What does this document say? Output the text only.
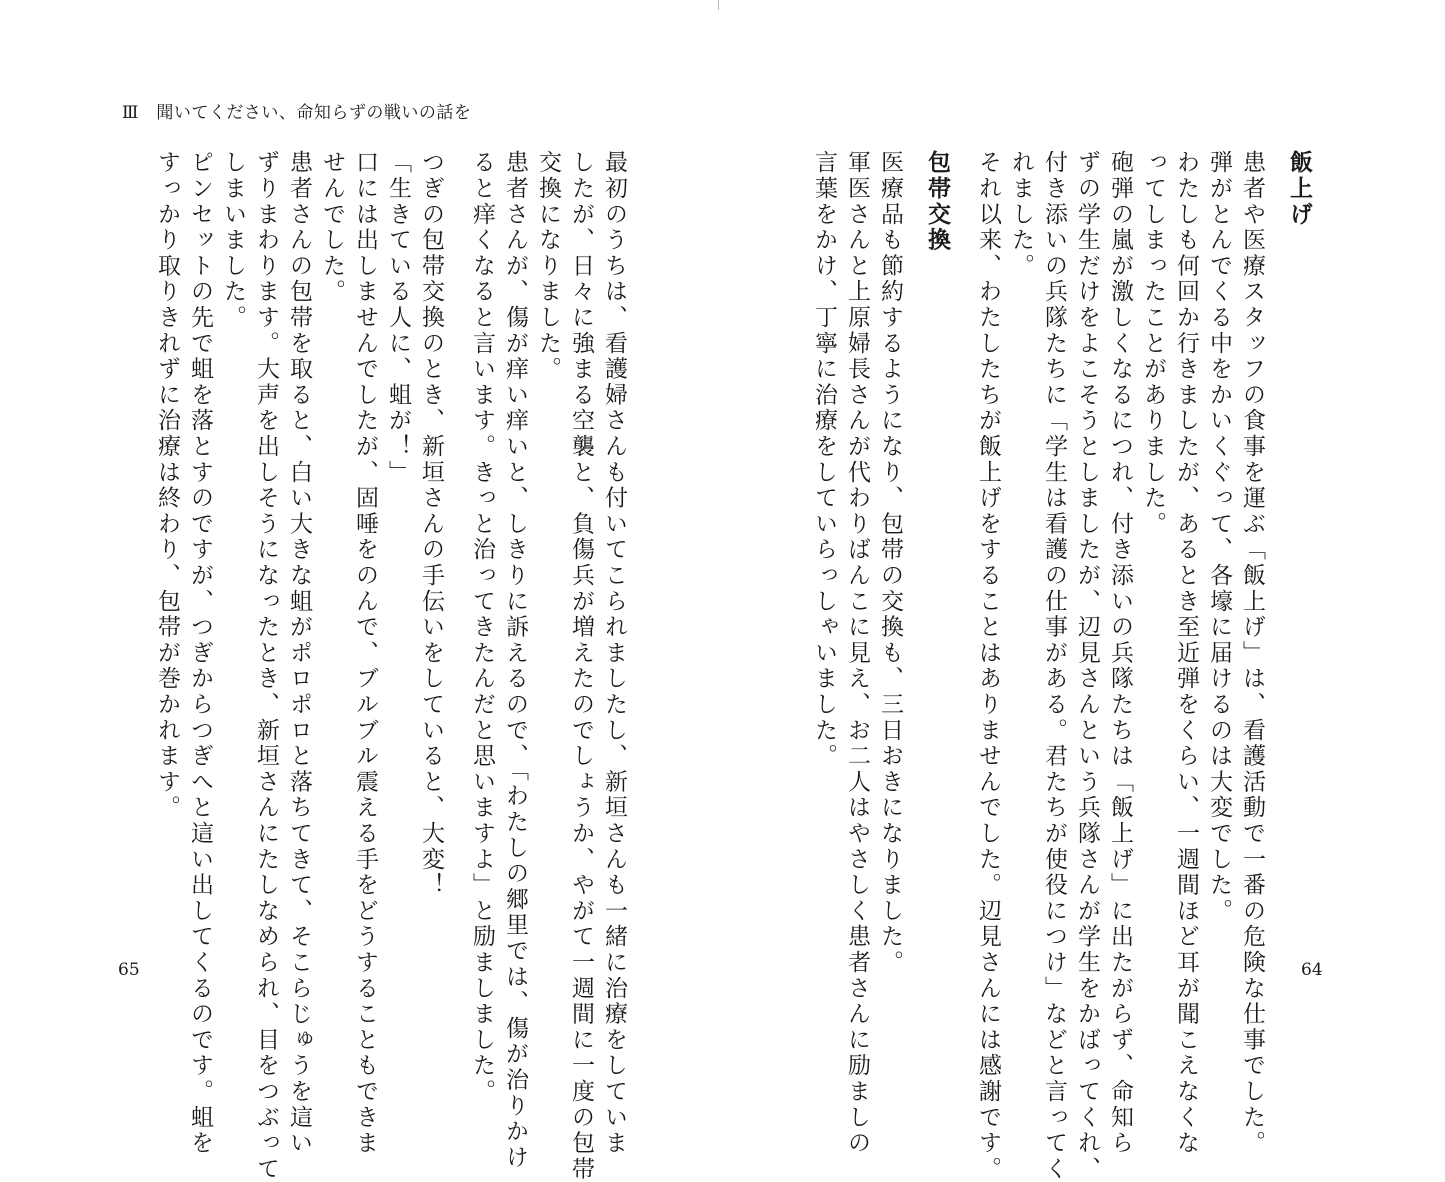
Ⅲ　聞いてください、命知らずの戦いの話を
飯上げ
患者や医療スタッフの食事を運ぶ「飯上げ」は、看護活動で一番の危険な仕事でした。
弾がとんでくる中をかいくぐって、各壕に届けるのは大変でした。
わたしも何回か行きましたが、あるとき至近弾をくらい、一週間ほど耳が聞こえなくな
ってしまったことがありました。
砲弾の嵐が激しくなるにつれ、付き添いの兵隊たちは「飯上げ」に出たがらず、命知ら
ずの学生だけをよこそうとしましたが、辺見さんという兵隊さんが学生をかばってくれ、
付き添いの兵隊たちに「学生は看護の仕事がある。君たちが使役につけ」などと言ってく
れました。
それ以来、わたしたちが飯上げをすることはありませんでした。辺見さんには感謝です。
包帯交換
医療品も節約するようになり、包帯の交換も、三日おきになりました。
軍医さんと上原婦長さんが代わりばんこに見え、お二人はやさしく患者さんに励ましの
言葉をかけ、丁寧に治療をしていらっしゃいました。
最初のうちは、看護婦さんも付いてこられましたし、新垣さんも一緒に治療をしていま
したが、日々に強まる空襲と、負傷兵が増えたのでしょうか、やがて一週間に一度の包帯
交換になりました。
患者さんが、傷が痒い痒いと、しきりに訴えるので、「わたしの郷里では、傷が治りかけ
ると痒くなると言います。きっと治ってきたんだと思いますよ」と励ましました。
つぎの包帯交換のとき、新垣さんの手伝いをしていると、大変！
「生きている人に、蛆が！」
口には出しませんでしたが、固唾をのんで、ブルブル震える手をどうすることもできま
せんでした。
患者さんの包帯を取ると、白い大きな蛆がポロポロと落ちてきて、そこらじゅうを這い
ずりまわります。大声を出しそうになったとき、新垣さんにたしなめられ、目をつぶって
しまいました。
ピンセットの先で蛆を落とすのですが、つぎからつぎへと這い出してくるのです。蛆を
すっかり取りきれずに治療は終わり、包帯が巻かれます。
65	64
